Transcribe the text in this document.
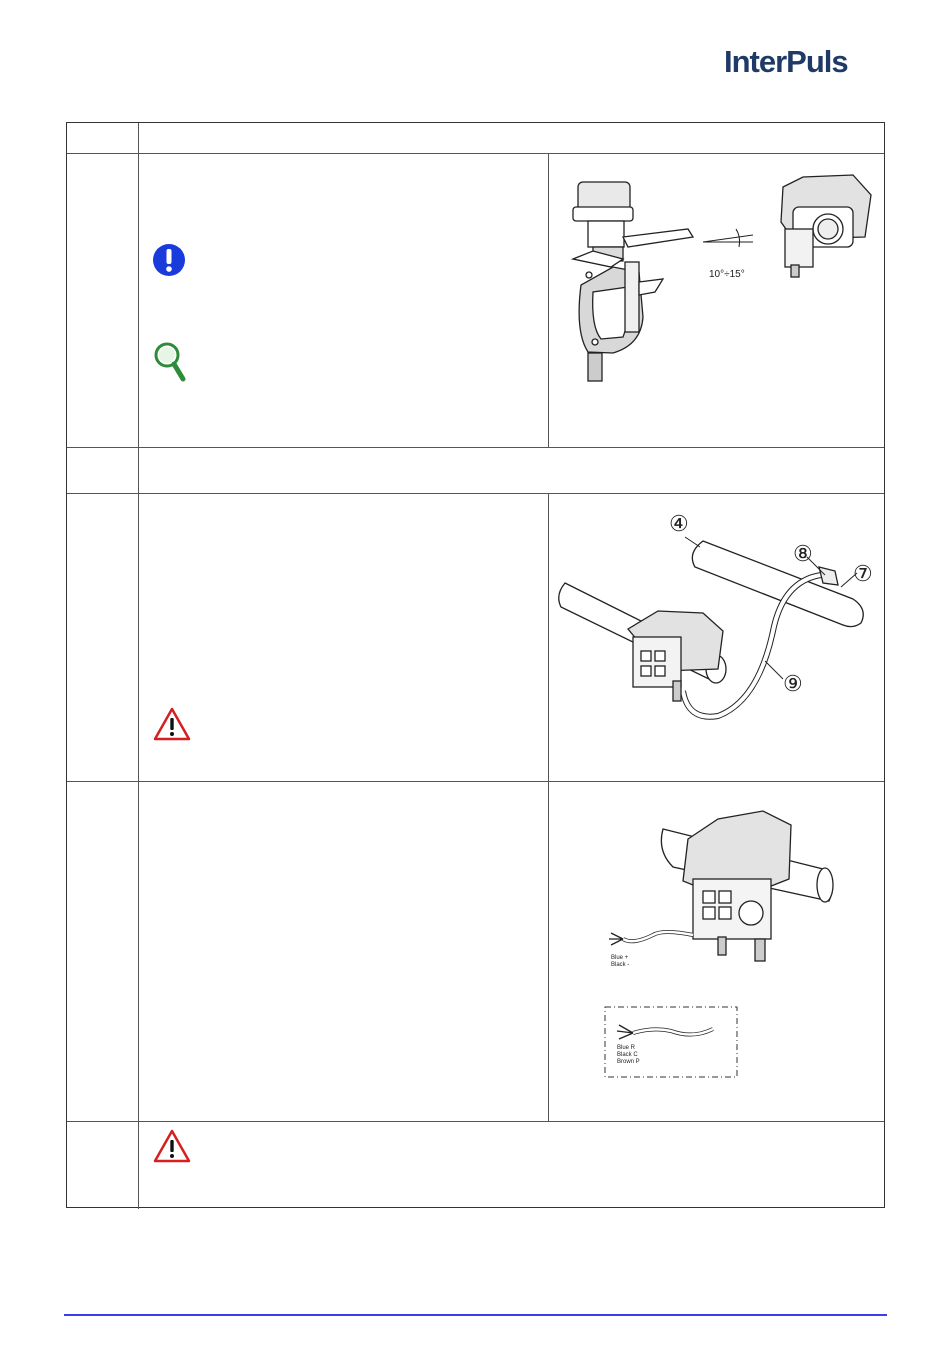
InterPuls
10°÷15°
④
⑧
⑦
⑨
Blue +
Black -
Blue R
Black C
Brown P
